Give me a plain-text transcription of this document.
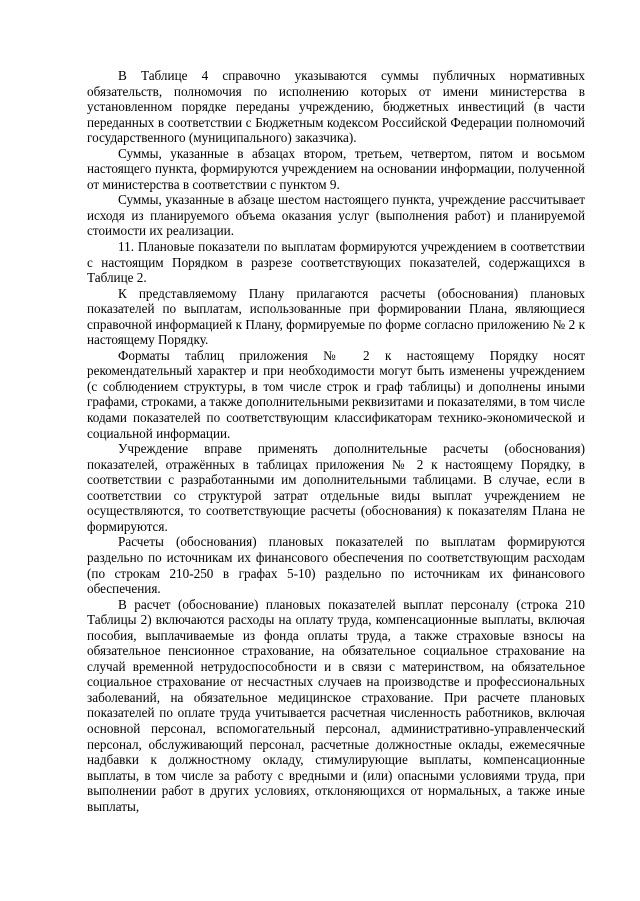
В Таблице 4 справочно указываются суммы публичных нормативных обязательств, полномочия по исполнению которых от имени министерства в установленном порядке переданы учреждению, бюджетных инвестиций (в части переданных в соответствии с Бюджетным кодексом Российской Федерации полномочий государственного (муниципального) заказчика).

Суммы, указанные в абзацах втором, третьем, четвертом, пятом и восьмом настоящего пункта, формируются учреждением на основании информации, полученной от министерства в соответствии с пунктом 9.

Суммы, указанные в абзаце шестом настоящего пункта, учреждение рассчитывает исходя из планируемого объема оказания услуг (выполнения работ) и планируемой стоимости их реализации.

11. Плановые показатели по выплатам формируются учреждением в соответствии с настоящим Порядком в разрезе соответствующих показателей, содержащихся в Таблице 2.

К представляемому Плану прилагаются расчеты (обоснования) плановых показателей по выплатам, использованные при формировании Плана, являющиеся справочной информацией к Плану, формируемые по форме согласно приложению № 2 к настоящему Порядку.

Форматы таблиц приложения № 2 к настоящему Порядку носят рекомендательный характер и при необходимости могут быть изменены учреждением (с соблюдением структуры, в том числе строк и граф таблицы) и дополнены иными графами, строками, а также дополнительными реквизитами и показателями, в том числе кодами показателей по соответствующим классификаторам технико-экономической и социальной информации.

Учреждение вправе применять дополнительные расчеты (обоснования) показателей, отражённых в таблицах приложения № 2 к настоящему Порядку, в соответствии с разработанными им дополнительными таблицами. В случае, если в соответствии со структурой затрат отдельные виды выплат учреждением не осуществляются, то соответствующие расчеты (обоснования) к показателям Плана не формируются.

Расчеты (обоснования) плановых показателей по выплатам формируются раздельно по источникам их финансового обеспечения по соответствующим расходам (по строкам 210-250 в графах 5-10) раздельно по источникам их финансового обеспечения.

В расчет (обоснование) плановых показателей выплат персоналу (строка 210 Таблицы 2) включаются расходы на оплату труда, компенсационные выплаты, включая пособия, выплачиваемые из фонда оплаты труда, а также страховые взносы на обязательное пенсионное страхование, на обязательное социальное страхование на случай временной нетрудоспособности и в связи с материнством, на обязательное социальное страхование от несчастных случаев на производстве и профессиональных заболеваний, на обязательное медицинское страхование. При расчете плановых показателей по оплате труда учитывается расчетная численность работников, включая основной персонал, вспомогательный персонал, административно-управленческий персонал, обслуживающий персонал, расчетные должностные оклады, ежемесячные надбавки к должностному окладу, стимулирующие выплаты, компенсационные выплаты, в том числе за работу с вредными и (или) опасными условиями труда, при выполнении работ в других условиях, отклоняющихся от нормальных, а также иные выплаты,
